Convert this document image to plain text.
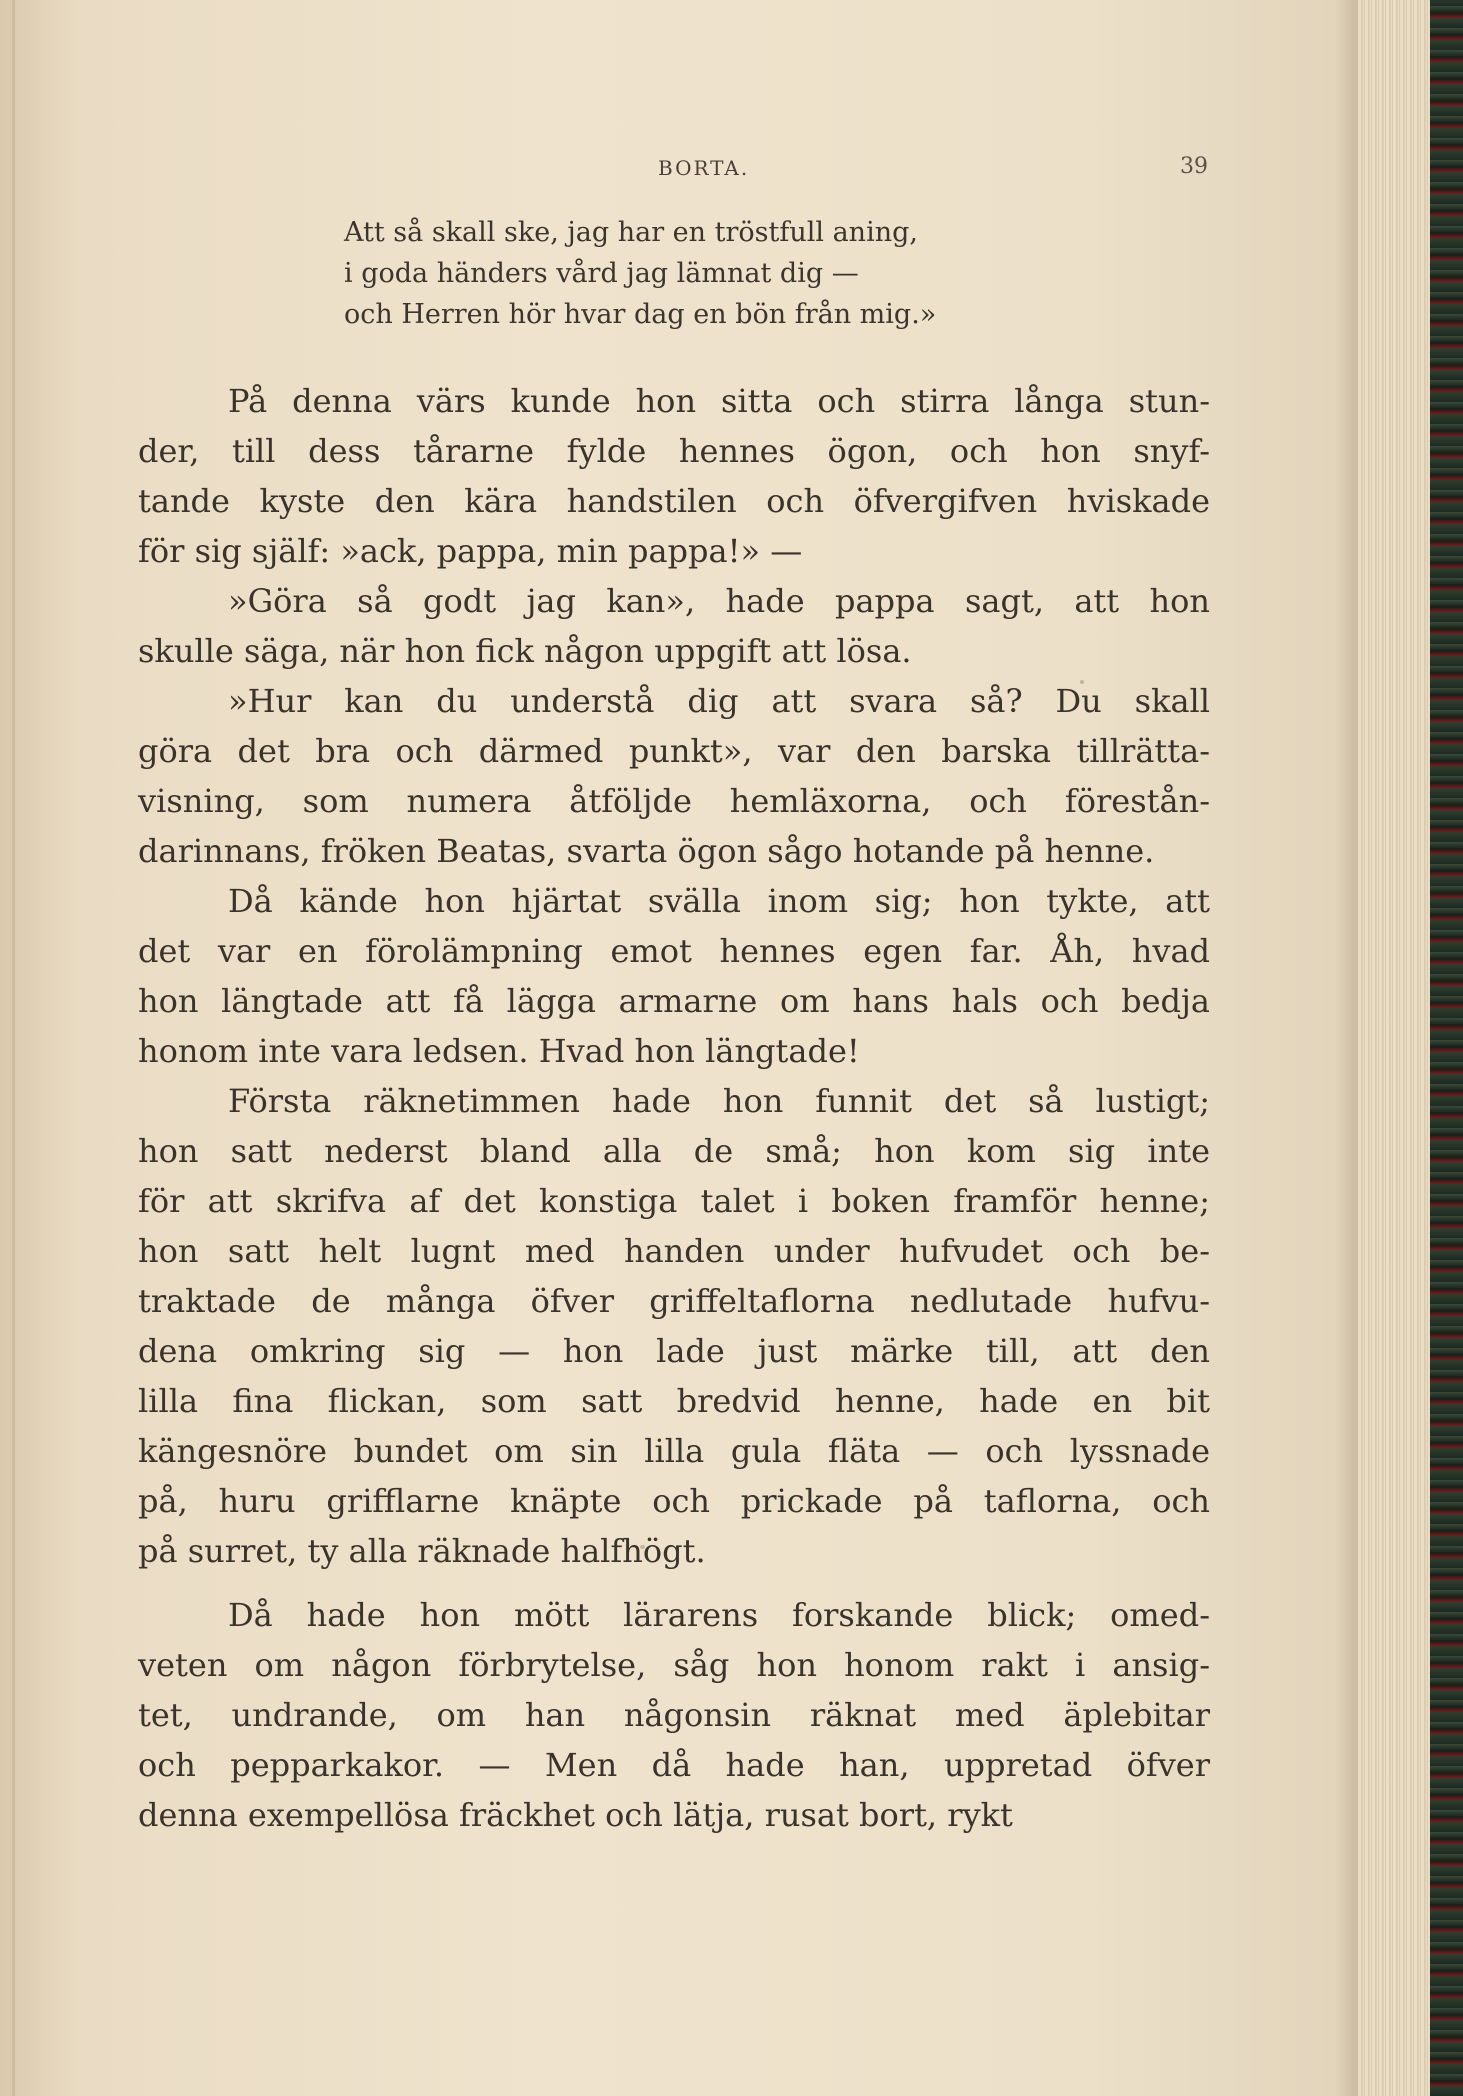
BORTA.	39
Att så skall ske, jag har en tröstfull aning,
i goda händers vård jag lämnat dig —
och Herren hör hvar dag en bön från mig.»
På denna värs kunde hon sitta och stirra långa stun-
der, till dess tårarne fylde hennes ögon, och hon snyf-
tande kyste den kära handstilen och öfvergifven hviskade
för sig själf: »ack, pappa, min pappa!» —
»Göra så godt jag kan», hade pappa sagt, att hon
skulle säga, när hon fick någon uppgift att lösa.
»Hur kan du understå dig att svara så? Du skall
göra det bra och därmed punkt», var den barska tillrätta-
visning, som numera åtföljde hemläxorna, och förestån-
darinnans, fröken Beatas, svarta ögon sågo hotande på henne.
Då kände hon hjärtat svälla inom sig; hon tykte, att
det var en förolämpning emot hennes egen far. Åh, hvad
hon längtade att få lägga armarne om hans hals och bedja
honom inte vara ledsen. Hvad hon längtade!
Första räknetimmen hade hon funnit det så lustigt;
hon satt nederst bland alla de små; hon kom sig inte
för att skrifva af det konstiga talet i boken framför henne;
hon satt helt lugnt med handen under hufvudet och be-
traktade de många öfver griffeltaflorna nedlutade hufvu-
dena omkring sig — hon lade just märke till, att den
lilla fina flickan, som satt bredvid henne, hade en bit
kängesnöre bundet om sin lilla gula fläta — och lyssnade
på, huru grifflarne knäpte och prickade på taflorna, och
på surret, ty alla räknade halfhögt.
Då hade hon mött lärarens forskande blick; omed-
veten om någon förbrytelse, såg hon honom rakt i ansig-
tet, undrande, om han någonsin räknat med äplebitar
och pepparkakor. — Men då hade han, uppretad öfver
denna exempellösa fräckhet och lätja, rusat bort, rykt
